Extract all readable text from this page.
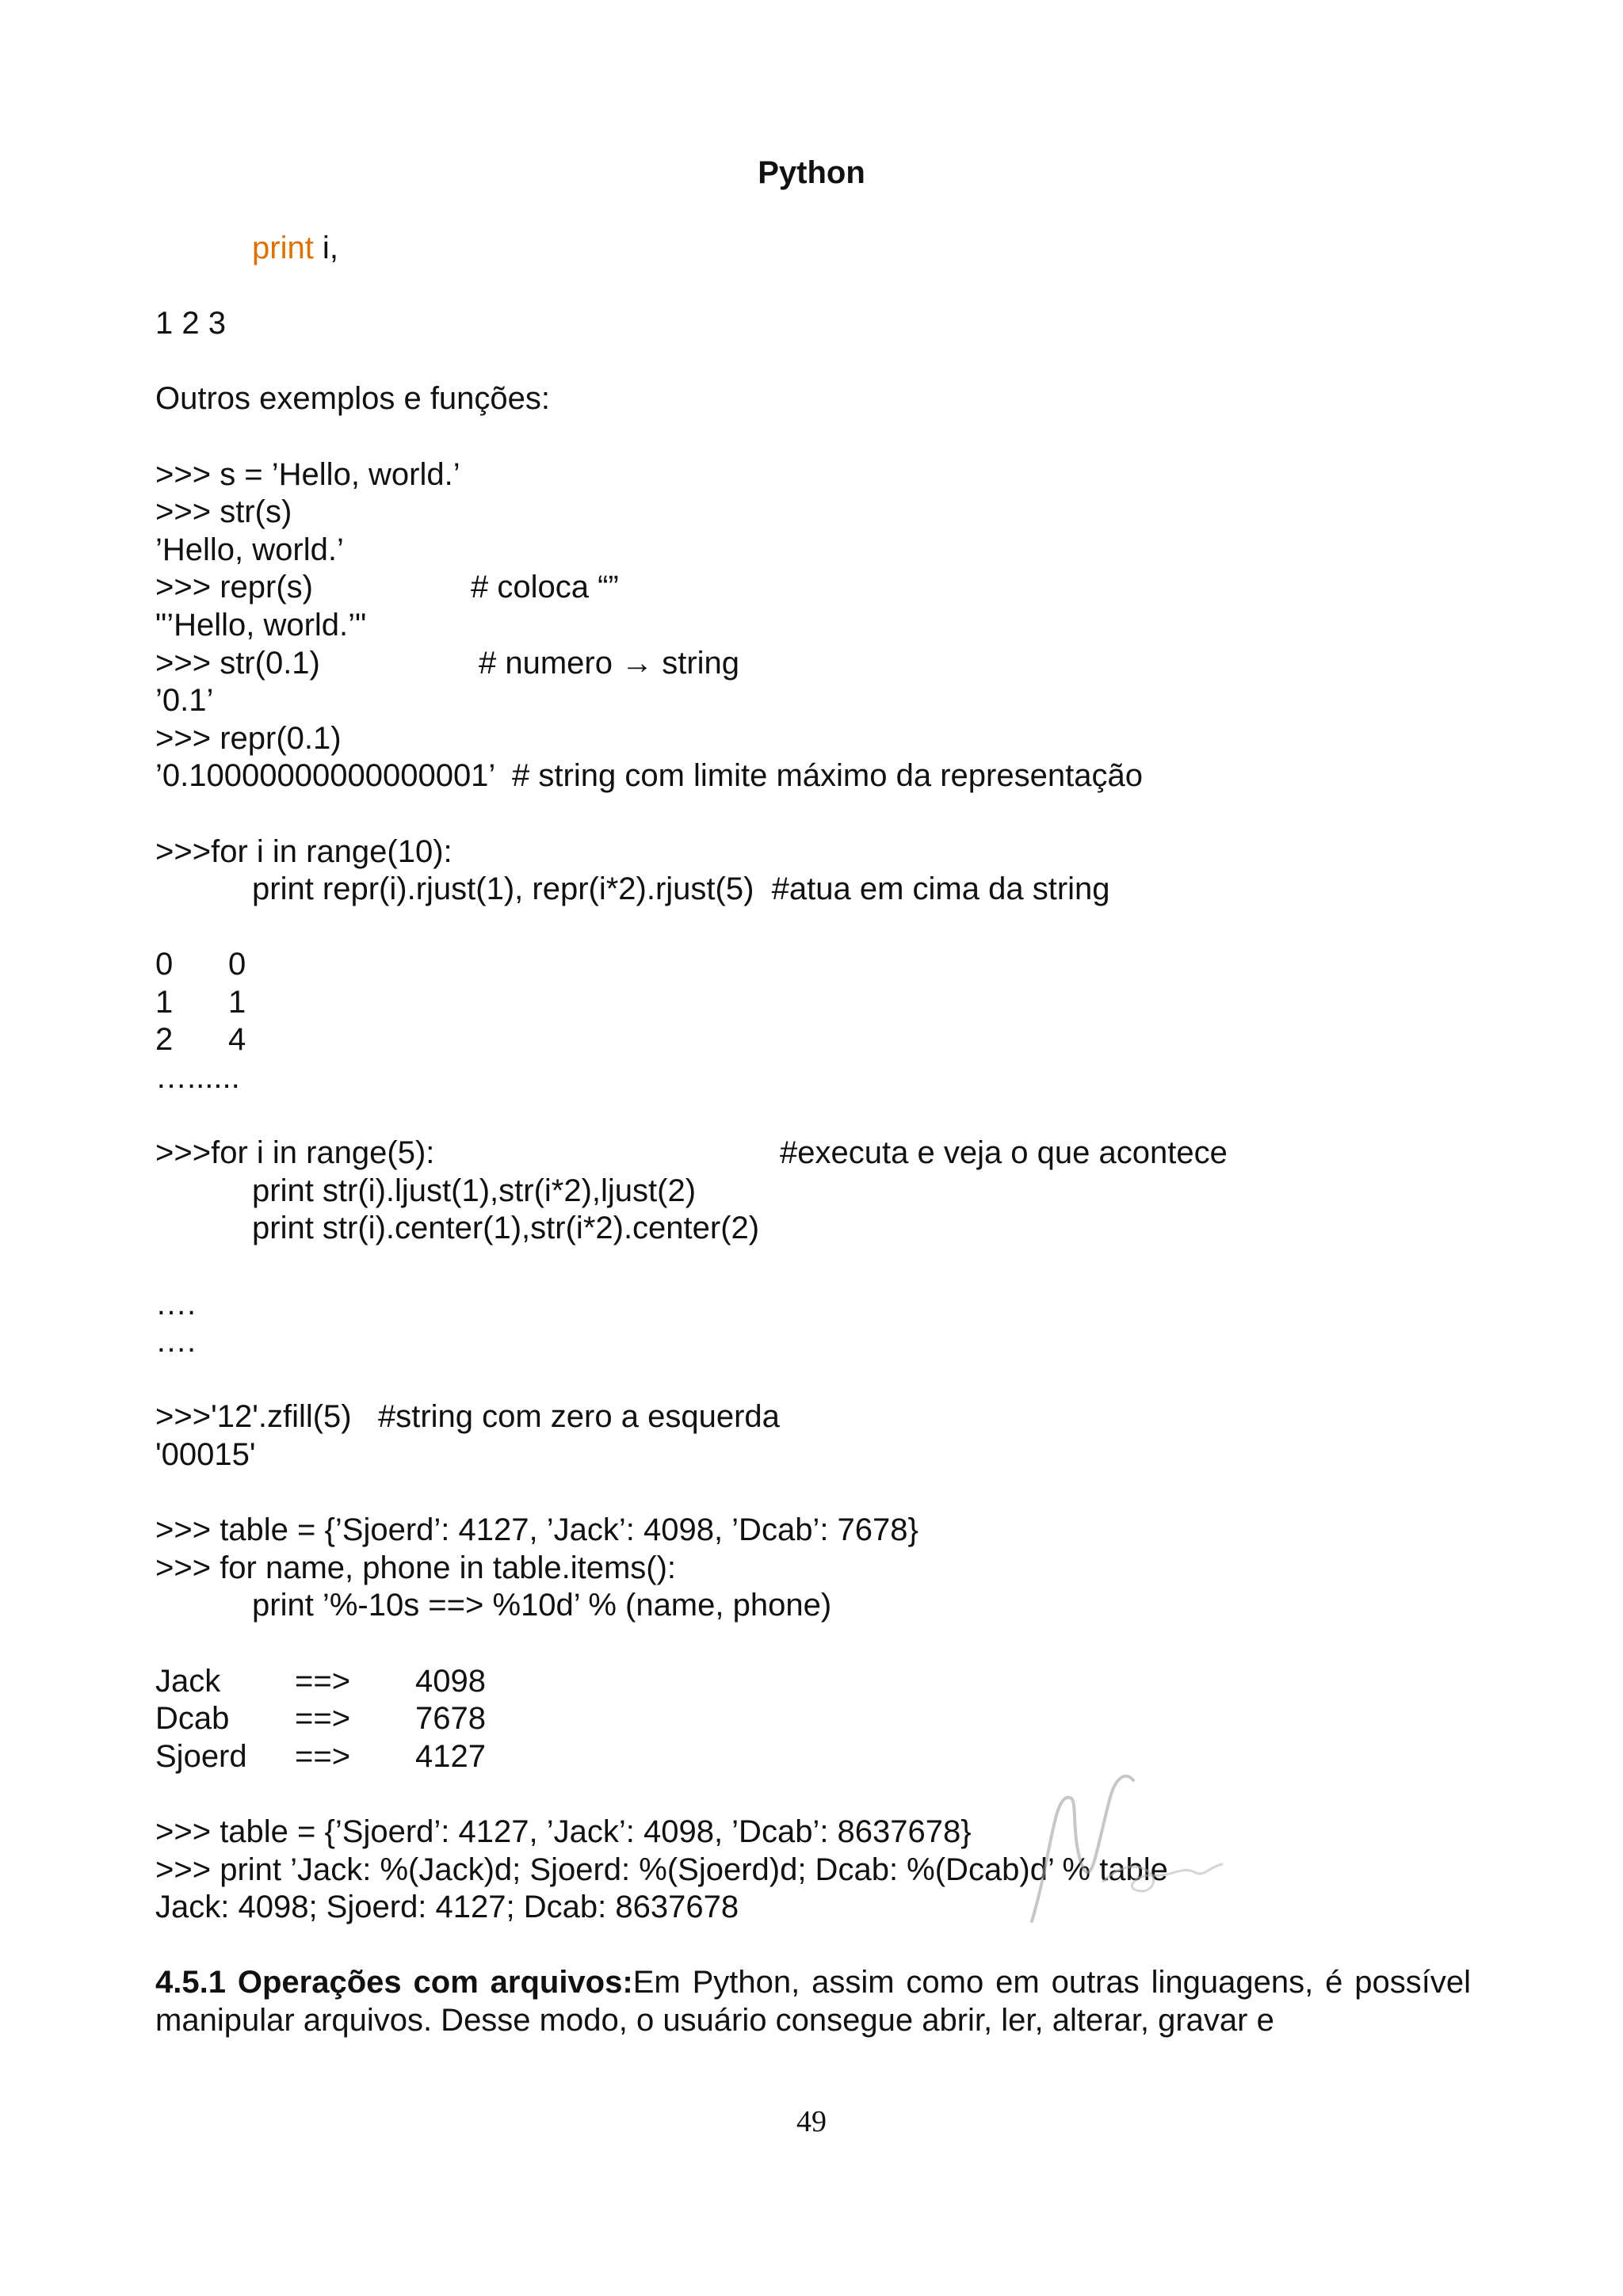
Python
print i,
1 2 3
Outros exemplos e funções:
>>> s = ’Hello, world.’
>>> str(s)
’Hello, world.’
>>> repr(s)	# coloca “”
"’Hello, world.’"
>>> str(0.1)	# numero → string
’0.1’
>>> repr(0.1)
’0.10000000000000001’  # string com limite máximo da representação
>>>for i in range(10):
print repr(i).rjust(1), repr(i*2).rjust(5)  #atua em cima da string
0 0
1 1
2 4
…......
>>>for i in range(5):	#executa e veja o que acontece
print str(i).ljust(1),str(i*2),ljust(2)
print str(i).center(1),str(i*2).center(2)
….
….
>>>'12'.zfill(5)   #string com zero a esquerda
'00015'
>>> table = {’Sjoerd’: 4127, ’Jack’: 4098, ’Dcab’: 7678}
>>> for name, phone in table.items():
print ’%-10s ==> %10d’ % (name, phone)
Jack ==> 4098
Dcab ==> 7678
Sjoerd ==> 4127
>>> table = {’Sjoerd’: 4127, ’Jack’: 4098, ’Dcab’: 8637678}
>>> print ’Jack: %(Jack)d; Sjoerd: %(Sjoerd)d; Dcab: %(Dcab)d’ % table
Jack: 4098; Sjoerd: 4127; Dcab: 8637678
4.5.1 Operações com arquivos:Em Python, assim como em outras linguagens, é possível manipular arquivos. Desse modo, o usuário consegue abrir, ler, alterar, gravar e
49
